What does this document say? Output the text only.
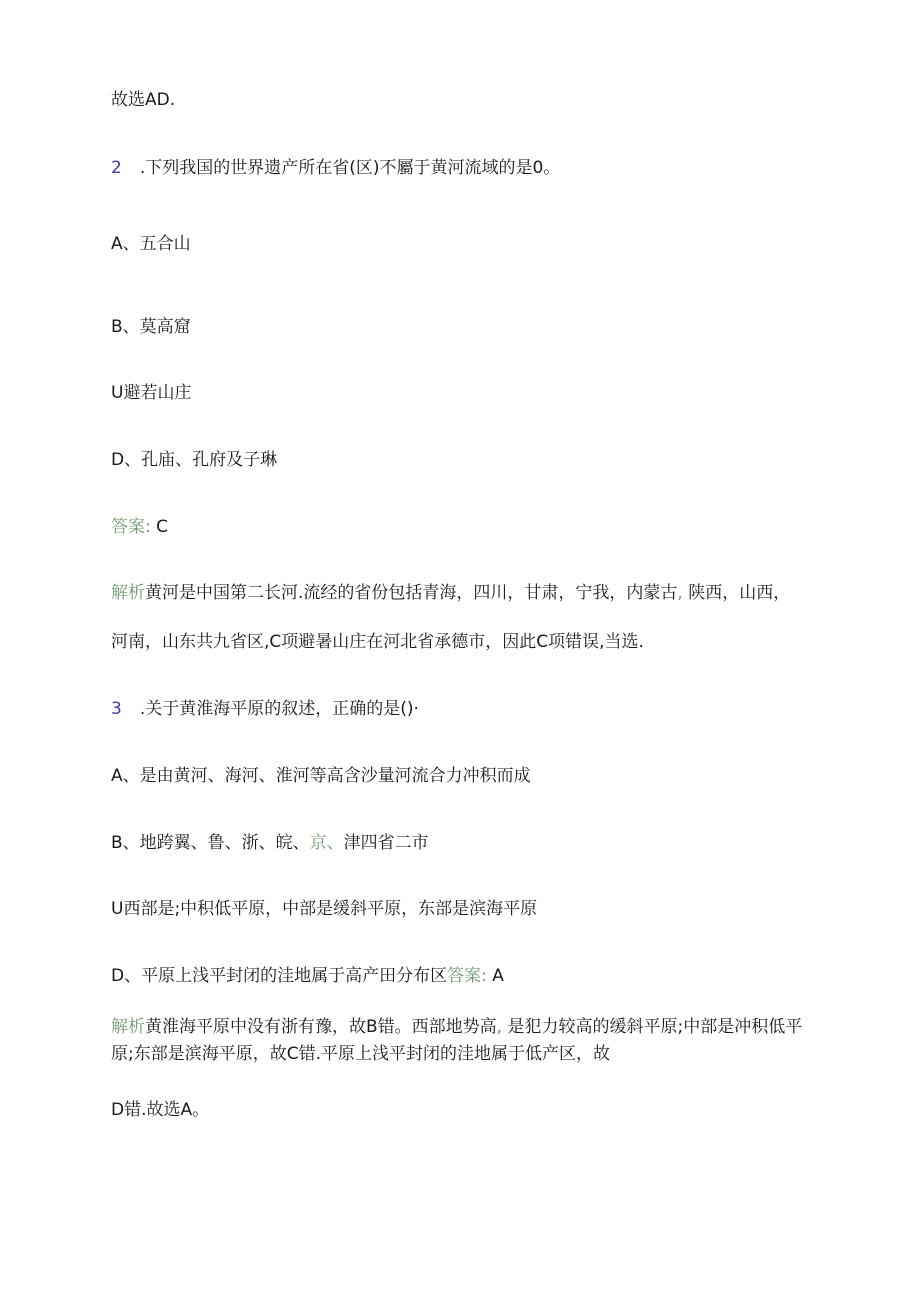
故选AD.
2 .下列我国的世界遗产所在省(区)不屬于黄河流域的是0。
A、五合山
B、莫高窟
U避若山庄
D、孔庙、孔府及子琳
答案: C
解析黄河是中国第二长河.流经的省份包括青海，四川，甘肃，宁我，内蒙古, 陕西，山西，
河南，山东共九省区,C项避暑山庄在河北省承德市，因此C项错误,当选.
3 .关于黄淮海平原的叙述，正确的是()·
A、是由黄河、海河、淮河等高含沙量河流合力冲积而成
B、地跨翼、鲁、浙、皖、京、津四省二市
U西部是;中积低平原，中部是缓斜平原，东部是滨海平原
D、平原上浅平封闭的洼地属于高产田分布区答案: A
解析黄淮海平原中没有浙有豫，故B错。西部地势高, 是犯力较高的缓斜平原;中部是冲积低平
原;东部是滨海平原，故C错.平原上浅平封闭的洼地属于低产区，故
D错.故选A。
